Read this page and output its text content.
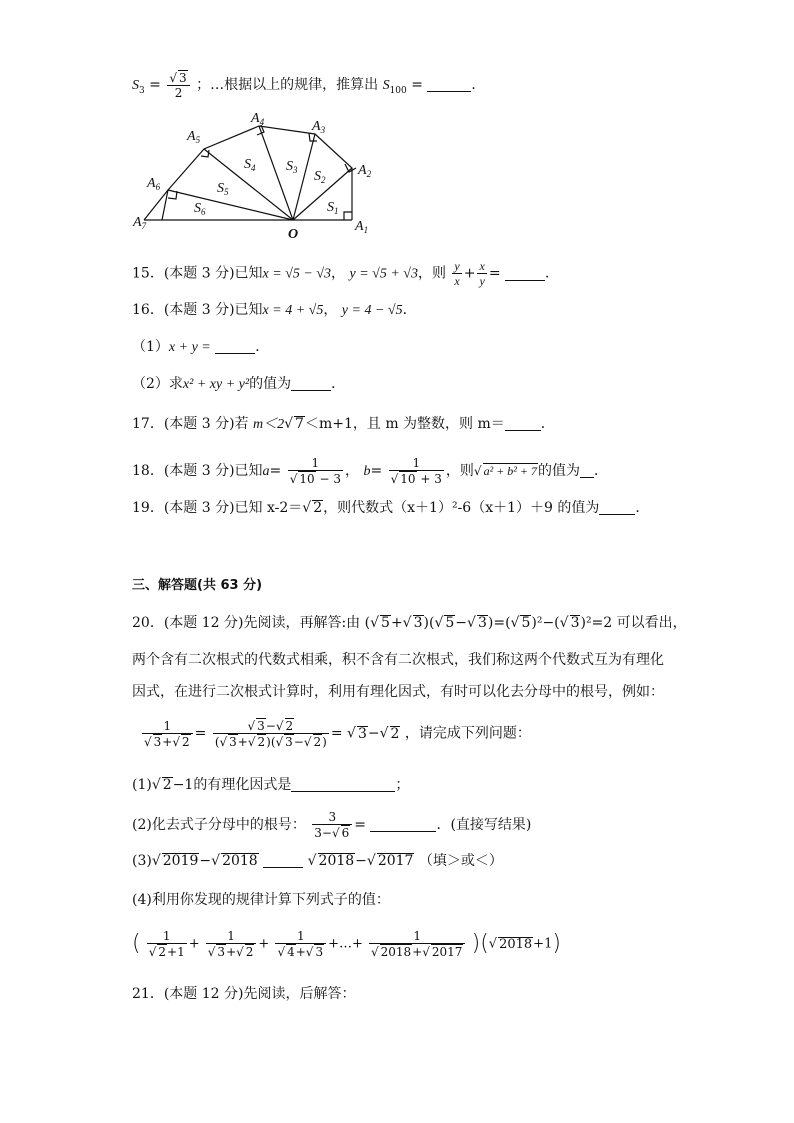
$S_3 = \frac{√ 3}{2}$ ；…根据以上的规律，推算出 $S_{100}$ =	．
$A_7$
$A_6$
$A_5$
$A_4$	$A_3$
$A_2$
$A_1$
O
$S_1$
$S_2$
$S_3$
$S_4$
$S_5$
$S_6$
15．(本题 3 分)已知x = √5 − √3， y = √5 + √3，则 $\frac{y}{x} + \frac{x}{y}$ =	．
16．(本题 3 分)已知x = 4 + √5， y = 4 − √5．
（1）x + y =	．
（2）求x² + xy + y²的值为	．
17．(本题 3 分)若 m＜2√ 7＜m+1，且 m 为整数，则 m＝	．
18．(本题 3 分)已知$a= \frac{1}{√ 10 - 3}$ ， $b= \frac{1}{√ 10 + 3}$ ，则√ a² + b² + 7的值为 ．
19．(本题 3 分)已知 x-2＝√ 2，则代数式（x＋1）²-6（x＋1）＋9 的值为	．
三、解答题(共 63 分)
20．(本题 12 分)先阅读，再解答:由 (√ 5+√ 3)(√ 5−√ 3)=(√ 5)²−(√ 3)²=2 可以看出，
两个含有二次根式的代数式相乘，积不含有二次根式，我们称这两个代数式互为有理化
因式，在进行二次根式计算时，利用有理化因式，有时可以化去分母中的根号，例如：
$\frac{1}{√ 3+√ 2} = \frac{√ 3-√ 2}{(√ 3+√ 2)(√ 3-√ 2)}$ = √ 3−√ 2 ，请完成下列问题：
(1)√ 2−1的有理化因式是	；
(2)化去式子分母中的根号： $\frac{3}{3-√ 6}$ =	．(直接写结果)
(3)√ 2019−√ 2018	√ 2018−√ 2017 （填＞或＜）
(4)利用你发现的规律计算下列式子的值：
( $\frac{1}{√ 2+1} + \frac{1}{√ 3+√ 2} + \frac{1}{√ 4+√ 3}$ +…+ $\frac{1}{√ 2018+√ 2017}$ )(√ 2018+1)
21．(本题 12 分)先阅读，后解答：
